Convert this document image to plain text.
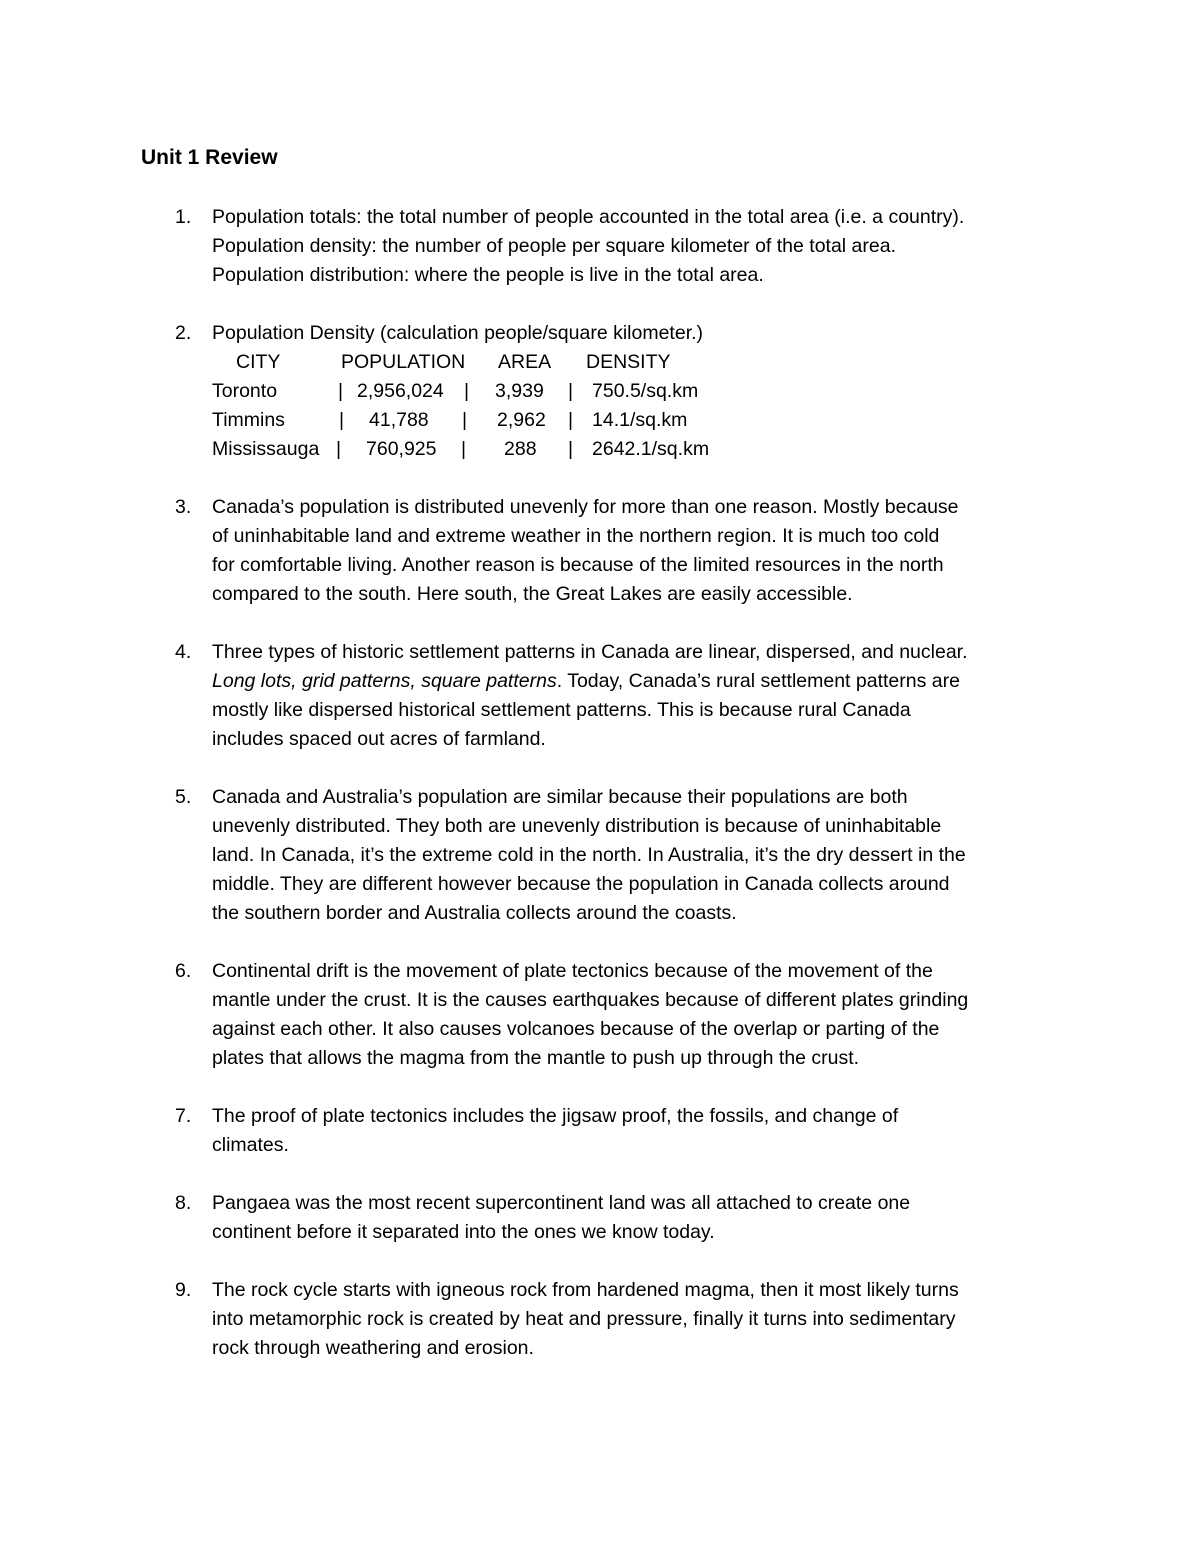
Unit 1 Review
1. Population totals: the total number of people accounted in the total area (i.e. a country).
Population density: the number of people per square kilometer of the total area.
Population distribution: where the people is live in the total area.
2. Population Density (calculation people/square kilometer.)
CITY	POPULATION AREA DENSITY
Toronto	| 2,956,024 | 3,939 | 750.5/sq.km
Timmins	| 41,788 | 2,962 | 14.1/sq.km
Mississauga | 760,925 | 288 | 2642.1/sq.km
3. Canada’s population is distributed unevenly for more than one reason. Mostly because
of uninhabitable land and extreme weather in the northern region. It is much too cold
for comfortable living. Another reason is because of the limited resources in the north
compared to the south. Here south, the Great Lakes are easily accessible.
4. Three types of historic settlement patterns in Canada are linear, dispersed, and nuclear.
Long lots, grid patterns, square patterns. Today, Canada’s rural settlement patterns are
mostly like dispersed historical settlement patterns. This is because rural Canada
includes spaced out acres of farmland.
5. Canada and Australia’s population are similar because their populations are both
unevenly distributed. They both are unevenly distribution is because of uninhabitable
land. In Canada, it’s the extreme cold in the north. In Australia, it’s the dry dessert in the
middle. They are different however because the population in Canada collects around
the southern border and Australia collects around the coasts.
6. Continental drift is the movement of plate tectonics because of the movement of the
mantle under the crust. It is the causes earthquakes because of different plates grinding
against each other. It also causes volcanoes because of the overlap or parting of the
plates that allows the magma from the mantle to push up through the crust.
7. The proof of plate tectonics includes the jigsaw proof, the fossils, and change of
climates.
8. Pangaea was the most recent supercontinent land was all attached to create one
continent before it separated into the ones we know today.
9. The rock cycle starts with igneous rock from hardened magma, then it most likely turns
into metamorphic rock is created by heat and pressure, finally it turns into sedimentary
rock through weathering and erosion.
